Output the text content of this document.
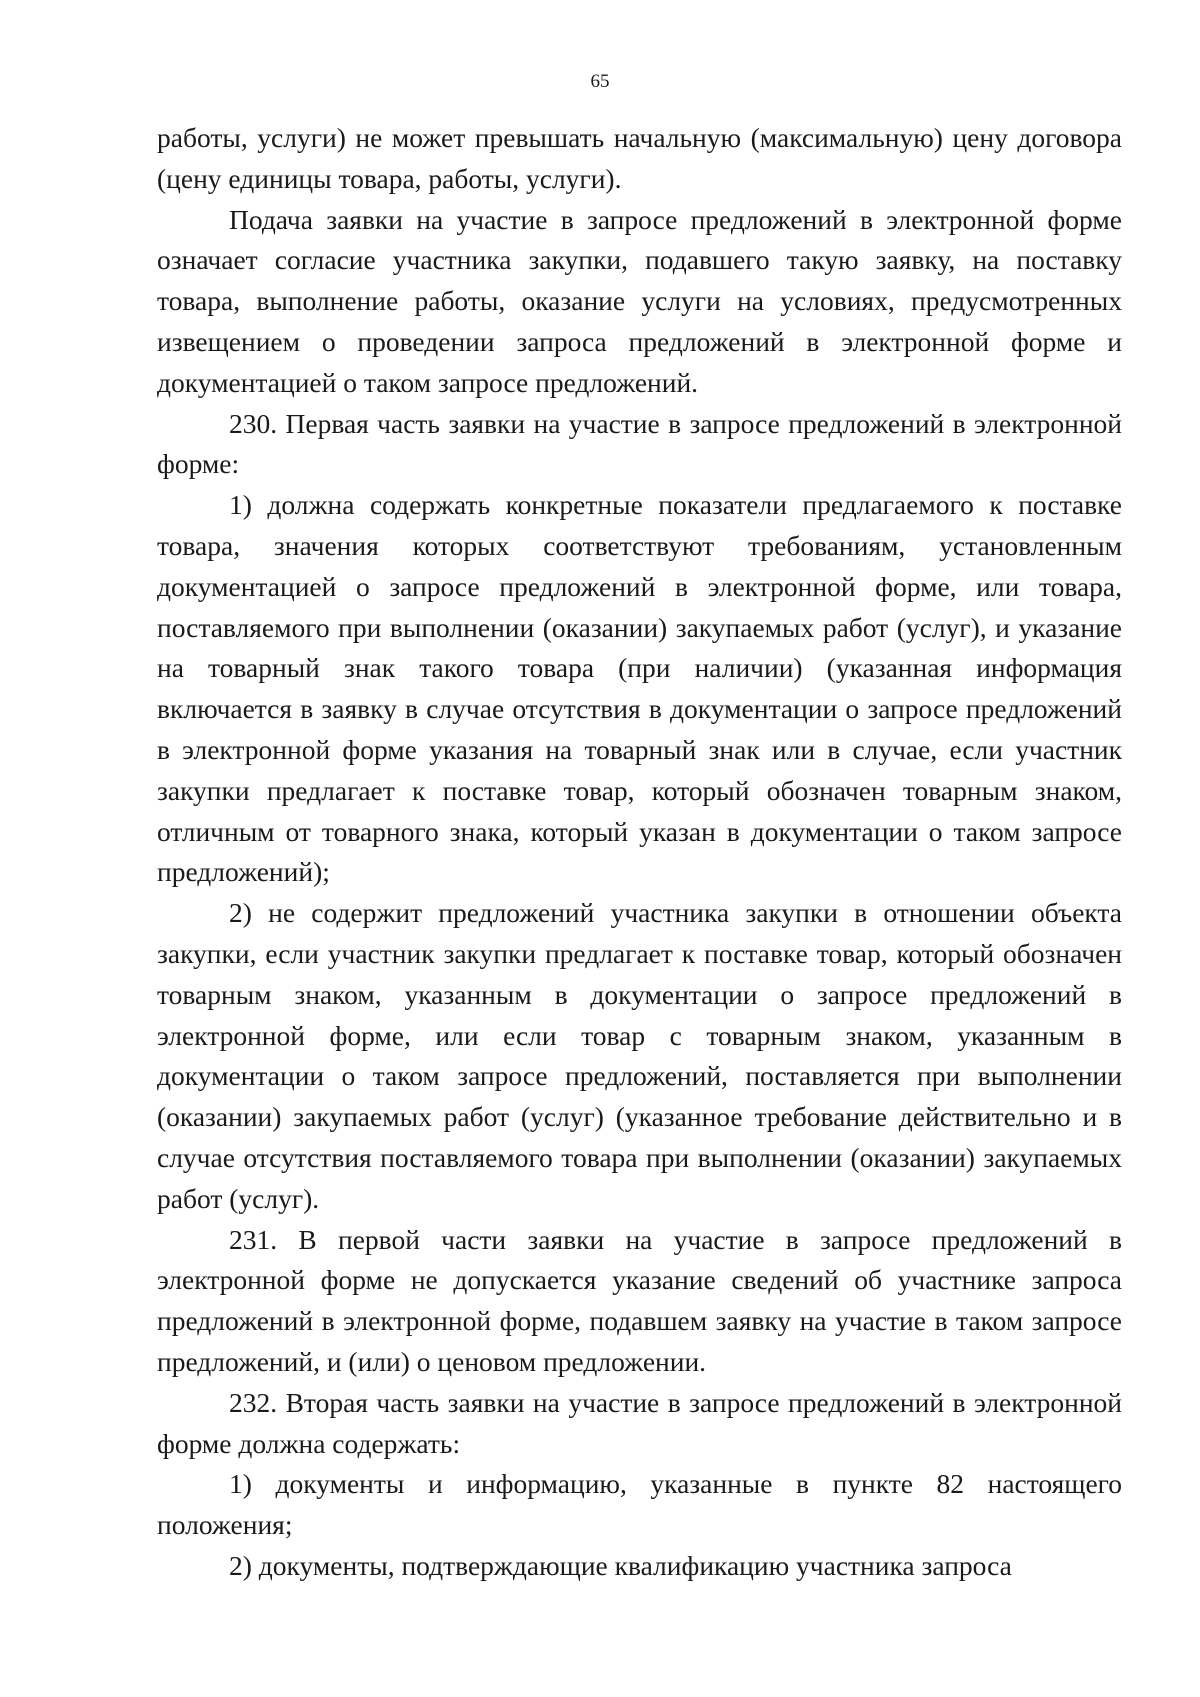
65

работы, услуги) не может превышать начальную (максимальную) цену договора (цену единицы товара, работы, услуги).

Подача заявки на участие в запросе предложений в электронной форме означает согласие участника закупки, подавшего такую заявку, на поставку товара, выполнение работы, оказание услуги на условиях, предусмотренных извещением о проведении запроса предложений в электронной форме и документацией о таком запросе предложений.

230. Первая часть заявки на участие в запросе предложений в электронной форме:

1) должна содержать конкретные показатели предлагаемого к поставке товара, значения которых соответствуют требованиям, установленным документацией о запросе предложений в электронной форме, или товара, поставляемого при выполнении (оказании) закупаемых работ (услуг), и указание на товарный знак такого товара (при наличии) (указанная информация включается в заявку в случае отсутствия в документации о запросе предложений в электронной форме указания на товарный знак или в случае, если участник закупки предлагает к поставке товар, который обозначен товарным знаком, отличным от товарного знака, который указан в документации о таком запросе предложений);

2) не содержит предложений участника закупки в отношении объекта закупки, если участник закупки предлагает к поставке товар, который обозначен товарным знаком, указанным в документации о запросе предложений в электронной форме, или если товар с товарным знаком, указанным в документации о таком запросе предложений, поставляется при выполнении (оказании) закупаемых работ (услуг) (указанное требование действительно и в случае отсутствия поставляемого товара при выполнении (оказании) закупаемых работ (услуг).

231. В первой части заявки на участие в запросе предложений в электронной форме не допускается указание сведений об участнике запроса предложений в электронной форме, подавшем заявку на участие в таком запросе предложений, и (или) о ценовом предложении.

232. Вторая часть заявки на участие в запросе предложений в электронной форме должна содержать:

1) документы и информацию, указанные в пункте 82 настоящего положения;

2) документы, подтверждающие квалификацию участника запроса
